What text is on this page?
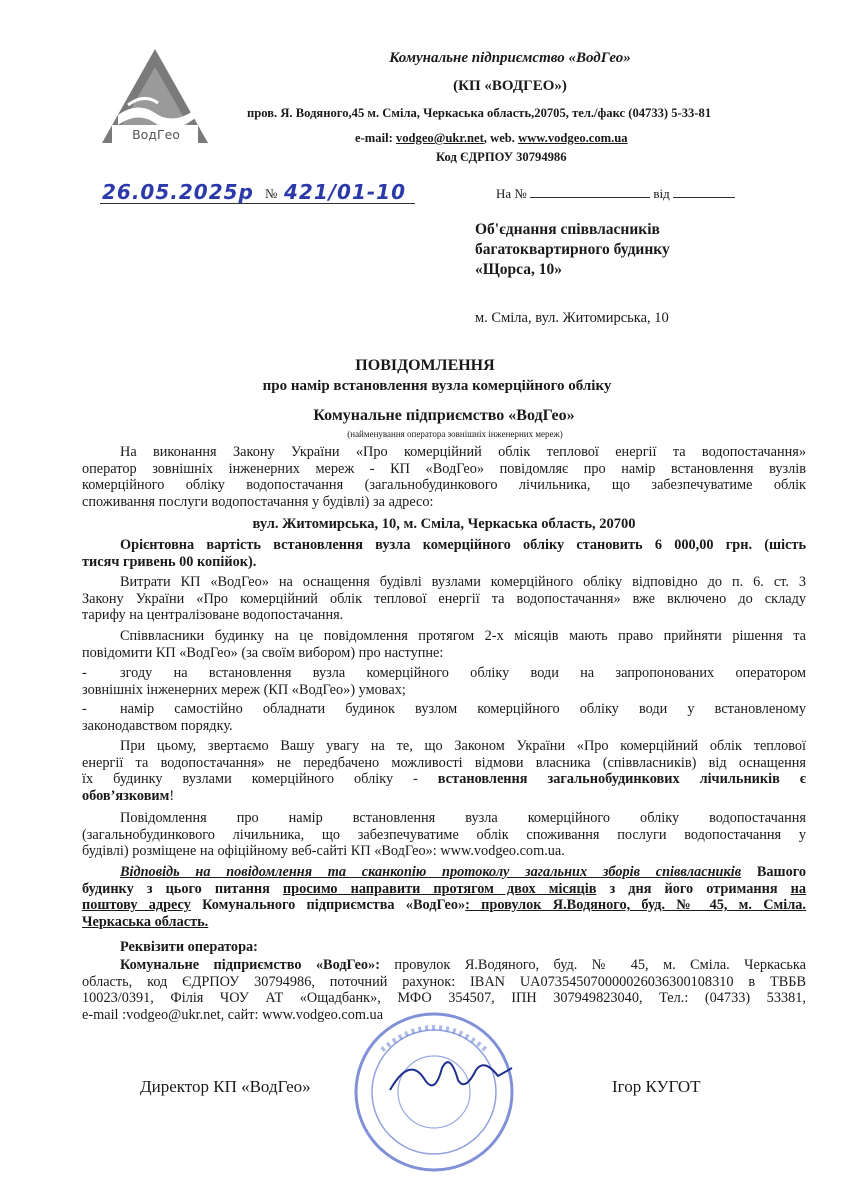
ВодГео
Комунальне підприємство «ВодГео»
(КП «ВОДГЕО»)
пров. Я. Водяного,45 м. Сміла, Черкаська область,20705, тел./факс (04733) 5-33-81
e-mail: vodgeo@ukr.net, web. www.vodgeo.com.ua
Код ЄДРПОУ 30794986
26.05.2025р № 421/01-10	На №	від
Об'єднання співвласників
багатоквартирного будинку
«Щорса, 10»
м. Сміла, вул. Житомирська, 10
ПОВІДОМЛЕННЯ
про намір встановлення вузла комерційного обліку
Комунальне підприємство «ВодГео»
(найменування оператора зовнішніх інженерних мереж)
На виконання Закону України «Про комерційний облік теплової енергії та водопостачання»
оператор зовнішніх інженерних мереж - КП «ВодГео» повідомляє про намір встановлення вузлів
комерційного обліку водопостачання (загальнобудинкового лічильника, що забезпечуватиме облік
споживання послуги водопостачання у будівлі) за адресо:
вул. Житомирська, 10, м. Сміла, Черкаська область, 20700
Орієнтовна вартість встановлення вузла комерційного обліку становить 6 000,00 грн. (шість
тисяч гривень 00 копійок).
Витрати КП «ВодГео» на оснащення будівлі вузлами комерційного обліку відповідно до п. 6. ст. 3
Закону України «Про комерційний облік теплової енергії та водопостачання» вже включено до складу
тарифу на централізоване водопостачання.
Співвласники будинку на це повідомлення протягом 2-х місяців мають право прийняти рішення та
повідомити КП «ВодГео» (за своїм вибором) про наступне:
- згоду на встановлення вузла комерційного обліку води на запропонованих оператором
зовнішніх інженерних мереж (КП «ВодГео») умовах;
- намір самостійно обладнати будинок вузлом комерційного обліку води у встановленому
законодавством порядку.
При цьому, звертаємо Вашу увагу на те, що Законом України «Про комерційний облік теплової
енергії та водопостачання» не передбачено можливості відмови власника (співвласників) від оснащення
їх будинку вузлами комерційного обліку - встановлення загальнобудинкових лічильників є
обов’язковим!
Повідомлення про намір встановлення вузла комерційного обліку водопостачання
(загальнобудинкового лічильника, що забезпечуватиме облік споживання послуги водопостачання у
будівлі) розміщене на офіційному веб-сайті КП «ВодГео»: www.vodgeo.com.ua.
Відповідь на повідомлення та сканкопію протоколу загальних зборів співвласників Вашого
будинку з цього питання просимо направити протягом двох місяців з дня його отримання на
поштову адресу Комунального підприємства «ВодГео»: провулок Я.Водяного, буд. № 45, м. Сміла.
Черкаська область.
Реквізити оператора:
Комунальне підприємство «ВодГео»: провулок Я.Водяного, буд. № 45, м. Сміла. Черкаська
область, код ЄДРПОУ 30794986, поточний рахунок: IBAN UA073545070000026036300108310 в ТВБВ
10023/0391, Філія ЧОУ АТ «Ощадбанк», МФО 354507, ІПН 307949823040, Тел.: (04733) 53381,
e-mail :vodgeo@ukr.net, сайт: www.vodgeo.com.ua
Директор КП «ВодГео»	Ігор КУГОТ
